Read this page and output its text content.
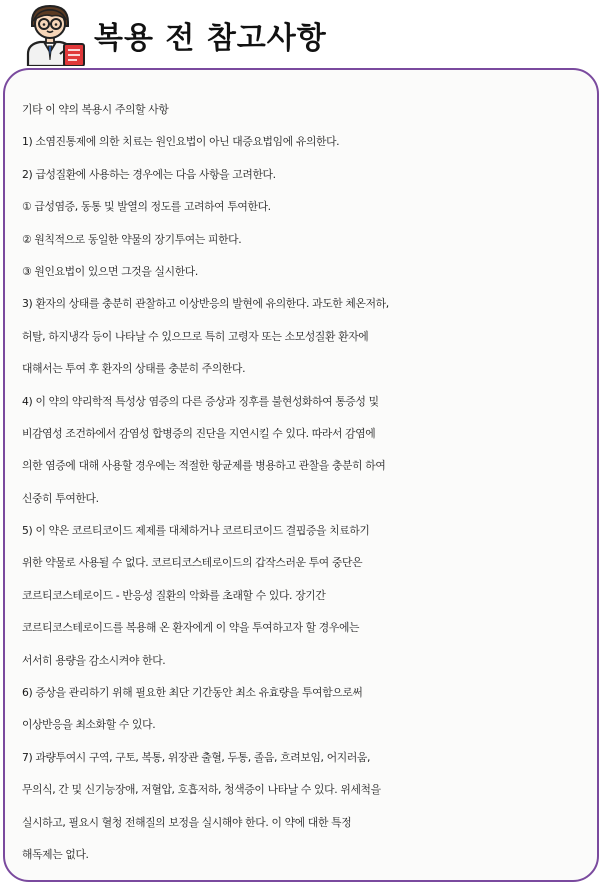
복용 전 참고사항
기타 이 약의 복용시 주의할 사항
1) 소염진통제에 의한 치료는 원인요법이 아닌 대증요법임에 유의한다.
2) 급성질환에 사용하는 경우에는 다음 사항을 고려한다.
① 급성염증, 동통 및 발열의 정도를 고려하여 투여한다.
② 원칙적으로 동일한 약물의 장기투여는 피한다.
③ 원인요법이 있으면 그것을 실시한다.
3) 환자의 상태를 충분히 관찰하고 이상반응의 발현에 유의한다. 과도한 체온저하,
허탈, 하지냉각 등이 나타날 수 있으므로 특히 고령자 또는 소모성질환 환자에
대해서는 투여 후 환자의 상태를 충분히 주의한다.
4) 이 약의 약리학적 특성상 염증의 다른 증상과 징후를 불현성화하여 통증성 및
비감염성 조건하에서 감염성 합병증의 진단을 지연시킬 수 있다. 따라서 감염에
의한 염증에 대해 사용할 경우에는 적절한 항균제를 병용하고 관찰을 충분히 하여
신중히 투여한다.
5) 이 약은 코르티코이드 제제를 대체하거나 코르티코이드 결핍증을 치료하기
위한 약물로 사용될 수 없다. 코르티코스테로이드의 갑작스러운 투여 중단은
코르티코스테로이드 - 반응성 질환의 악화를 초래할 수 있다. 장기간
코르티코스테로이드를 복용해 온 환자에게 이 약을 투여하고자 할 경우에는
서서히 용량을 감소시켜야 한다.
6) 증상을 관리하기 위해 필요한 최단 기간동안 최소 유효량을 투여함으로써
이상반응을 최소화할 수 있다.
7) 과량투여시 구역, 구토, 복통, 위장관 출혈, 두통, 졸음, 흐려보임, 어지러움,
무의식, 간 및 신기능장애, 저혈압, 호흡저하, 청색증이 나타날 수 있다. 위세척을
실시하고, 필요시 혈청 전해질의 보정을 실시해야 한다. 이 약에 대한 특정
해독제는 없다.
